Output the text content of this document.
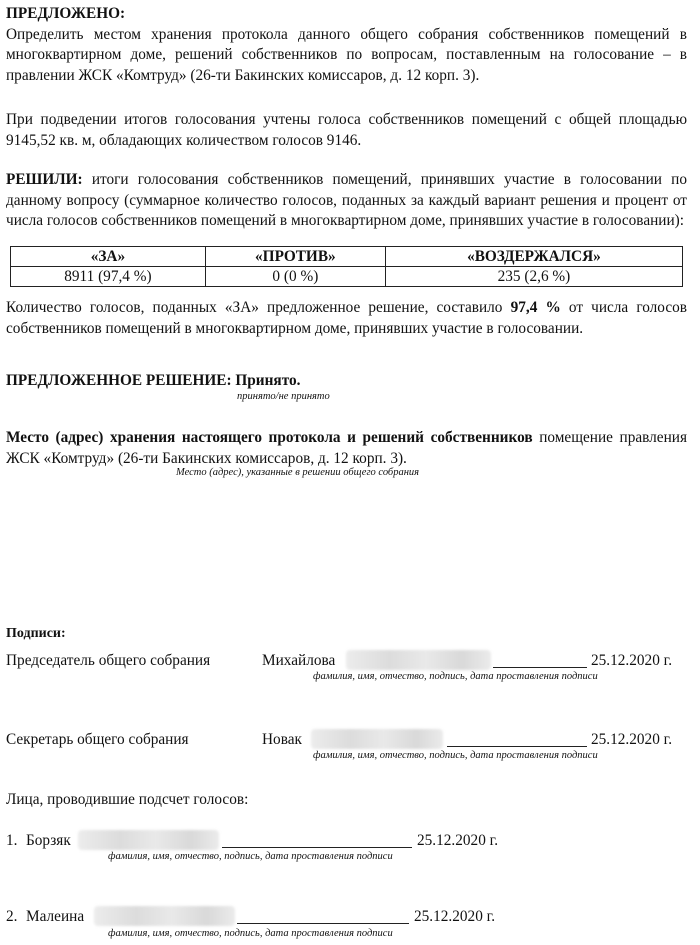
ПРЕДЛОЖЕНО:
Определить местом хранения протокола данного общего собрания собственников помещений в многоквартирном доме, решений собственников по вопросам, поставленным на голосование – в правлении ЖСК «Комтруд» (26-ти Бакинских комиссаров, д. 12 корп. 3).
При подведении итогов голосования учтены голоса собственников помещений с общей площадью 9145,52 кв. м, обладающих количеством голосов 9146.
РЕШИЛИ: итоги голосования собственников помещений, принявших участие в голосовании по данному вопросу (суммарное количество голосов, поданных за каждый вариант решения и процент от числа голосов собственников помещений в многоквартирном доме, принявших участие в голосовании):
«ЗА»	«ПРОТИВ»	«ВОЗДЕРЖАЛСЯ»
8911 (97,4 %)	0 (0 %)	235 (2,6 %)
Количество голосов, поданных «ЗА» предложенное решение, составило 97,4 % от числа голосов собственников помещений в многоквартирном доме, принявших участие в голосовании.
ПРЕДЛОЖЕННОЕ РЕШЕНИЕ: Принято.
принято/не принято
Место (адрес) хранения настоящего протокола и решений собственников помещение правления ЖСК «Комтруд» (26-ти Бакинских комиссаров, д. 12 корп. 3).
Место (адрес), указанные в решении общего собрания
Подписи:
Председатель общего собрания	Михайлова	25.12.2020 г.
фамилия, имя, отчество, подпись, дата проставления подписи
Секретарь общего собрания	Новак	25.12.2020 г.
фамилия, имя, отчество, подпись, дата проставления подписи
Лица, проводившие подсчет голосов:
1. Борзяк	25.12.2020 г.
фамилия, имя, отчество, подпись, дата проставления подписи
2. Малеина	25.12.2020 г.
фамилия, имя, отчество, подпись, дата проставления подписи
